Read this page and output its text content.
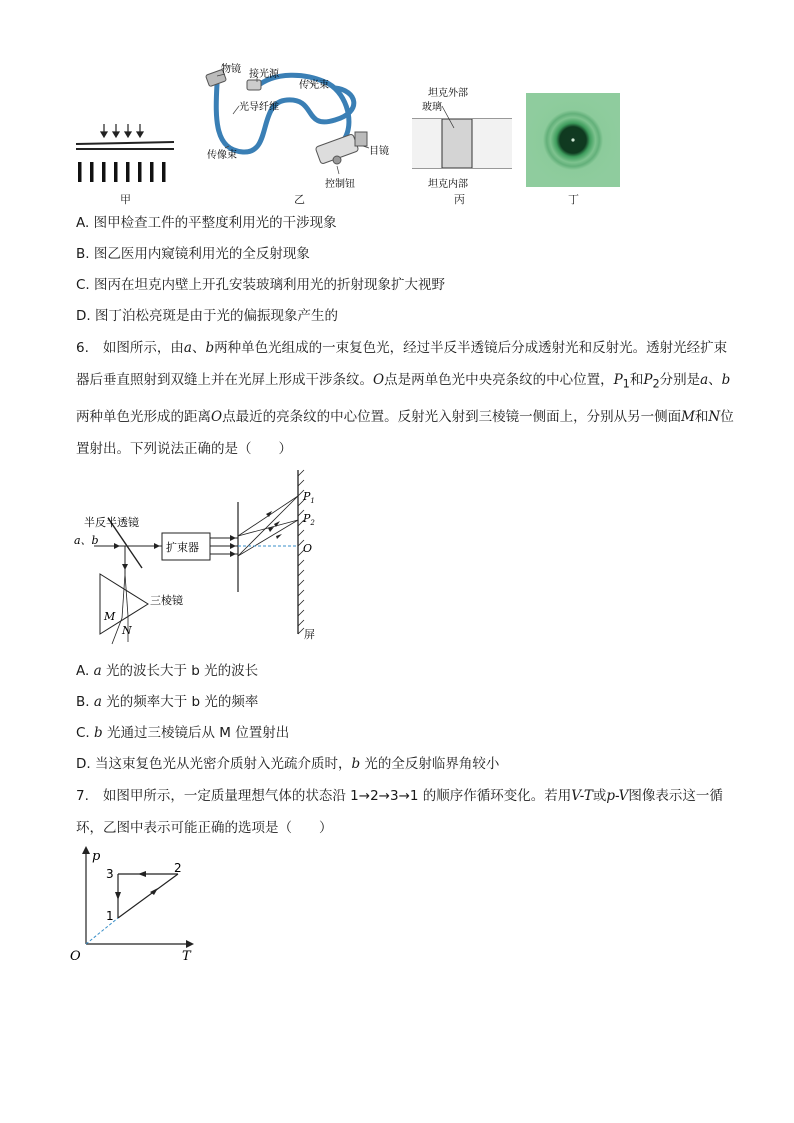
甲
物镜 接光源
传光束
光导纤维
传像束	目镜
控制钮
乙
坦克外部
玻璃
坦克内部
丙	丁
A. 图甲检查工件的平整度利用光的干涉现象
B. 图乙医用内窥镜利用光的全反射现象
C. 图丙在坦克内壁上开孔安装玻璃利用光的折射现象扩大视野
D. 图丁泊松亮斑是由于光的偏振现象产生的
6. 如图所示，由a、b两种单色光组成的一束复色光，经过半反半透镜后分成透射光和反射光。透射光经扩束器后垂直照射到双缝上并在光屏上形成干涉条纹。O点是两单色光中央亮条纹的中心位置，$P_1$和$P_2$分别是a、b两种单色光形成的距离O点最近的亮条纹的中心位置。反射光入射到三棱镜一侧面上，分别从另一侧面M和N位置射出。下列说法正确的是（　　）
半反半透镜
a、b
扩束器
三棱镜
M
N
$P_1$
$P_2$
O
屏
A. a 光的波长大于 b 光的波长
B. a 光的频率大于 b 光的频率
C. b 光通过三棱镜后从 M 位置射出
D. 当这束复色光从光密介质射入光疏介质时，b 光的全反射临界角较小
7. 如图甲所示，一定质量理想气体的状态沿 1→2→3→1 的顺序作循环变化。若用V-T或p-V图像表示这一循环，乙图中表示可能正确的选项是（　　）
p
T
O
1
2
3
